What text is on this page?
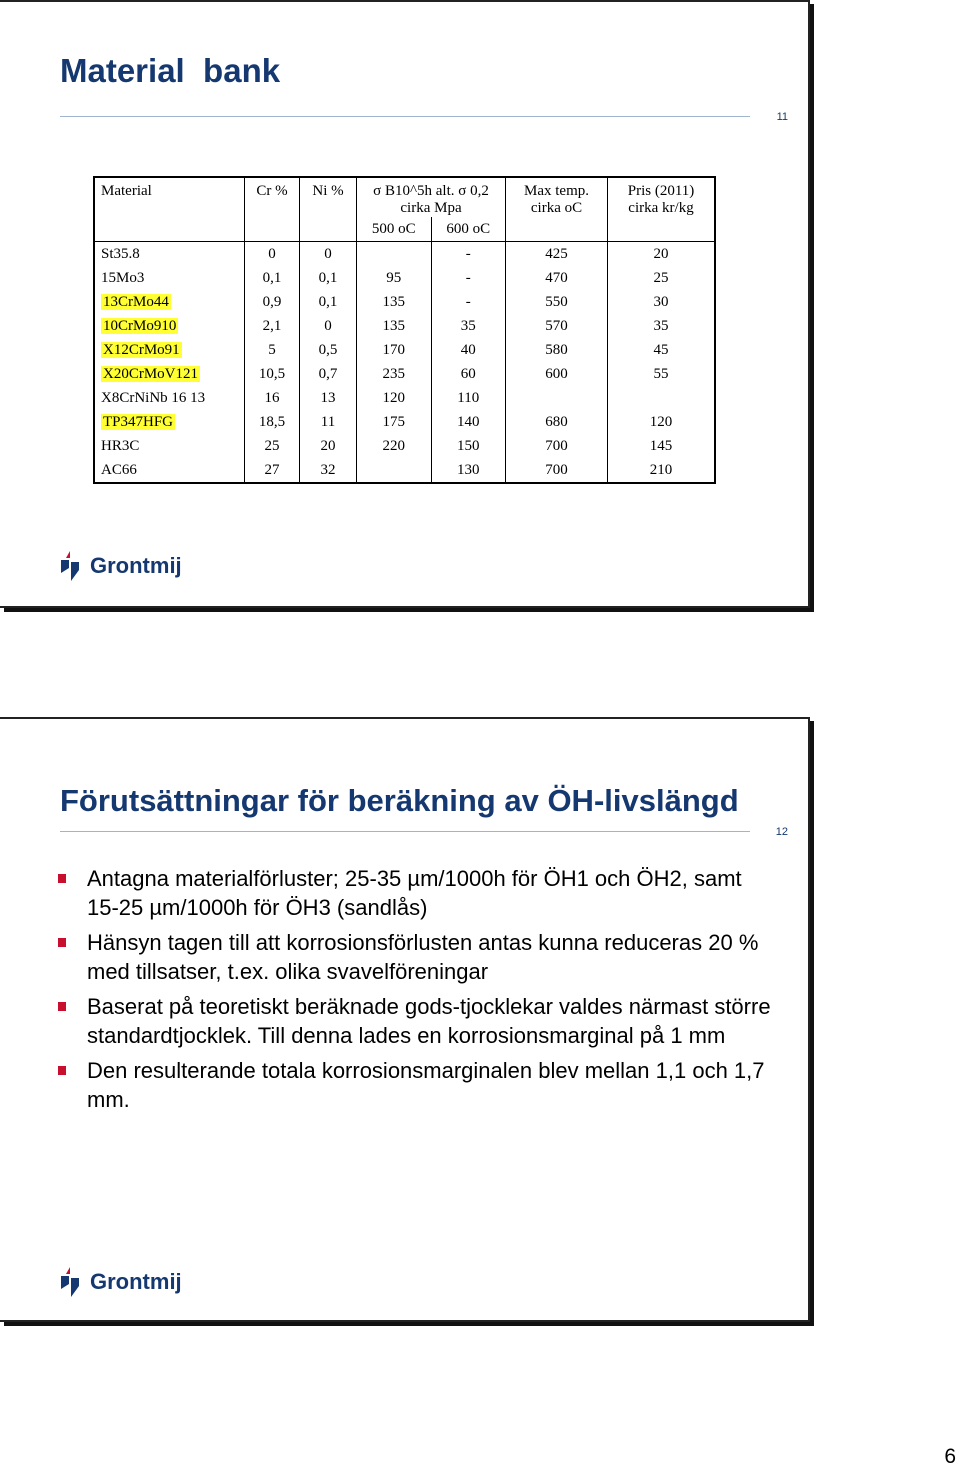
Material  bank
11
Material	Cr %	Ni %	σ B10^5h alt. σ 0,2 cirka Mpa		Max temp. cirka oC	Pris (2011) cirka kr/kg
			500 oC	600 oC		
St35.8	0	0		-	425	20
15Mo3	0,1	0,1	95	-	470	25
13CrMo44	0,9	0,1	135	-	550	30
10CrMo910	2,1	0	135	35	570	35
X12CrMo91	5	0,5	170	40	580	45
X20CrMoV121	10,5	0,7	235	60	600	55
X8CrNiNb 16 13	16	13	120	110		
TP347HFG	18,5	11	175	140	680	120
HR3C	25	20	220	150	700	145
AC66	27	32		130	700	210
Grontmij
Förutsättningar för beräkning av ÖH-livslängd
12
Antagna materialförluster; 25-35 µm/1000h för ÖH1 och ÖH2, samt 15-25 µm/1000h för ÖH3 (sandlås)
Hänsyn tagen till att korrosionsförlusten antas kunna reduceras 20 % med tillsatser, t.ex. olika svavelföreningar
Baserat på teoretiskt beräknade gods-tjocklekar valdes närmast större standardtjocklek. Till denna lades en korrosionsmarginal på 1 mm
Den resulterande totala korrosionsmarginalen blev mellan 1,1 och 1,7 mm.
Grontmij
6
